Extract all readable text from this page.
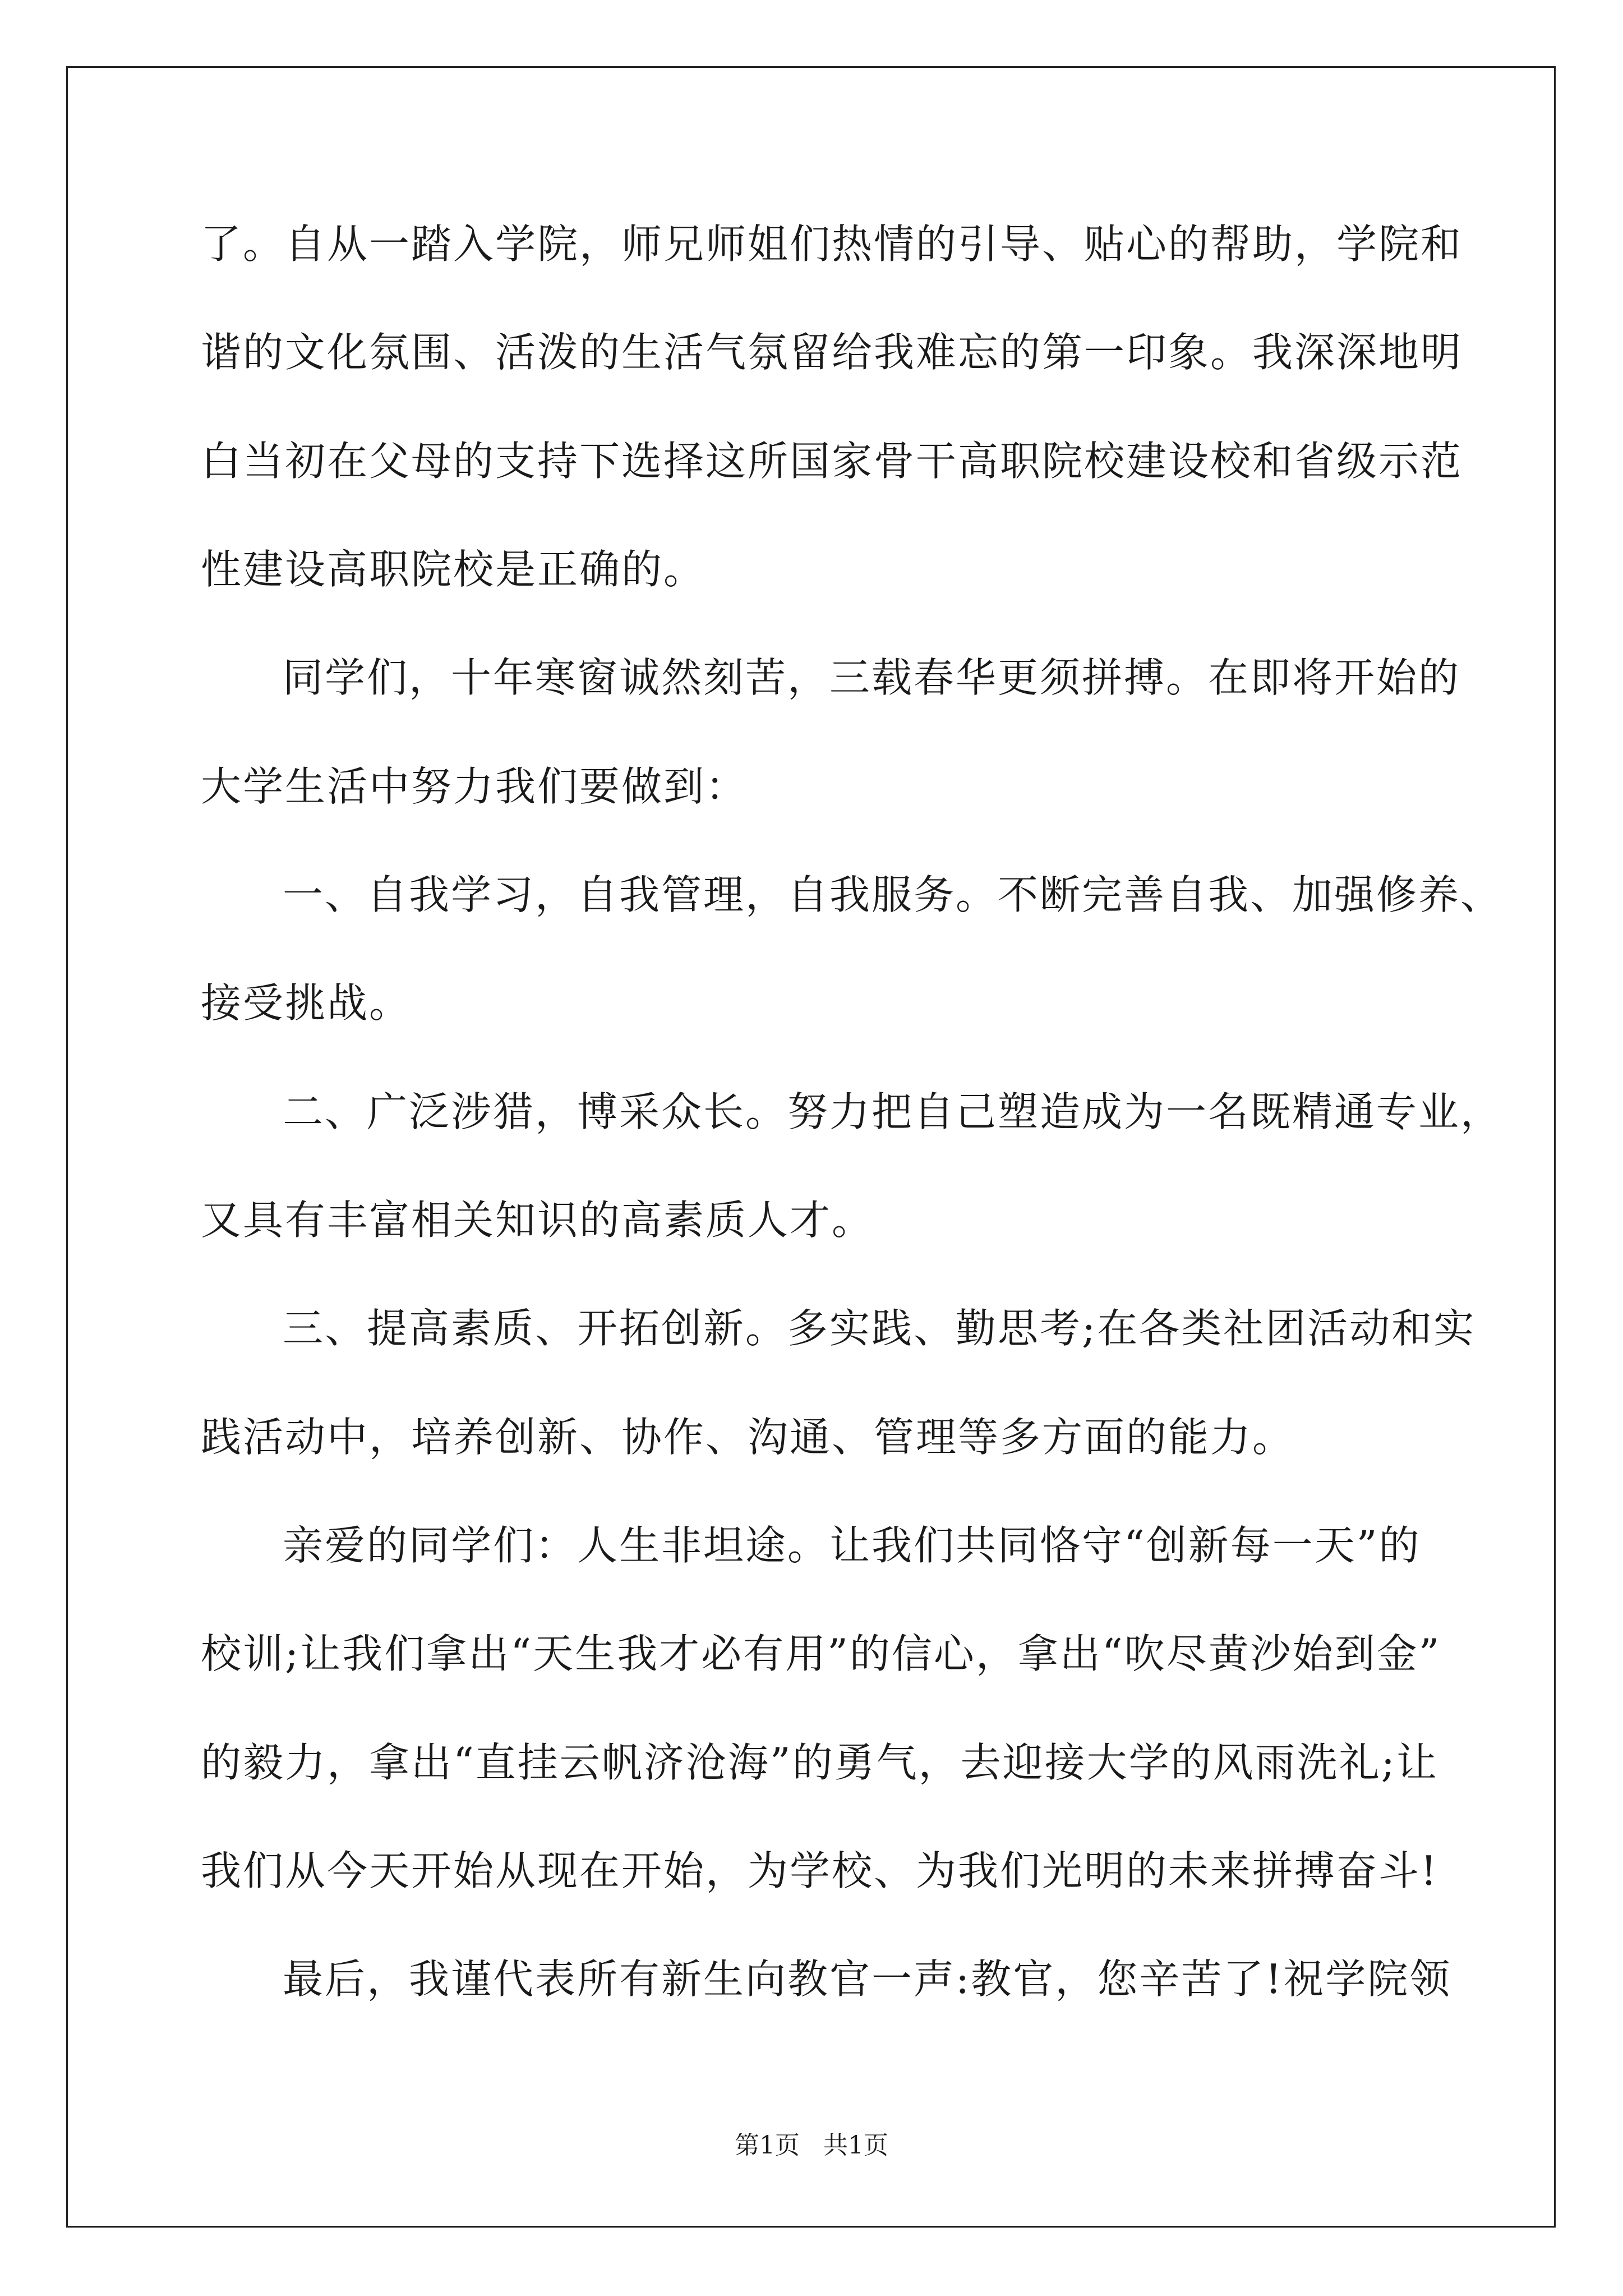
了。自从一踏入学院，师兄师姐们热情的引导、贴心的帮助，学院和
谐的文化氛围、活泼的生活气氛留给我难忘的第一印象。我深深地明
白当初在父母的支持下选择这所国家骨干高职院校建设校和省级示范
性建设高职院校是正确的。
同学们，十年寒窗诚然刻苦，三载春华更须拼搏。在即将开始的
大学生活中努力我们要做到：
一、自我学习，自我管理，自我服务。不断完善自我、加强修养、
接受挑战。
二、广泛涉猎，博采众长。努力把自己塑造成为一名既精通专业，
又具有丰富相关知识的高素质人才。
三、提高素质、开拓创新。多实践、勤思考;在各类社团活动和实
践活动中，培养创新、协作、沟通、管理等多方面的能力。
亲爱的同学们：人生非坦途。让我们共同恪守“创新每一天”的
校训;让我们拿出“天生我才必有用”的信心，拿出“吹尽黄沙始到金”
的毅力，拿出“直挂云帆济沧海”的勇气，去迎接大学的风雨洗礼;让
我们从今天开始从现在开始，为学校、为我们光明的未来拼搏奋斗!
最后，我谨代表所有新生向教官一声:教官，您辛苦了!祝学院领
第1页   共1页
